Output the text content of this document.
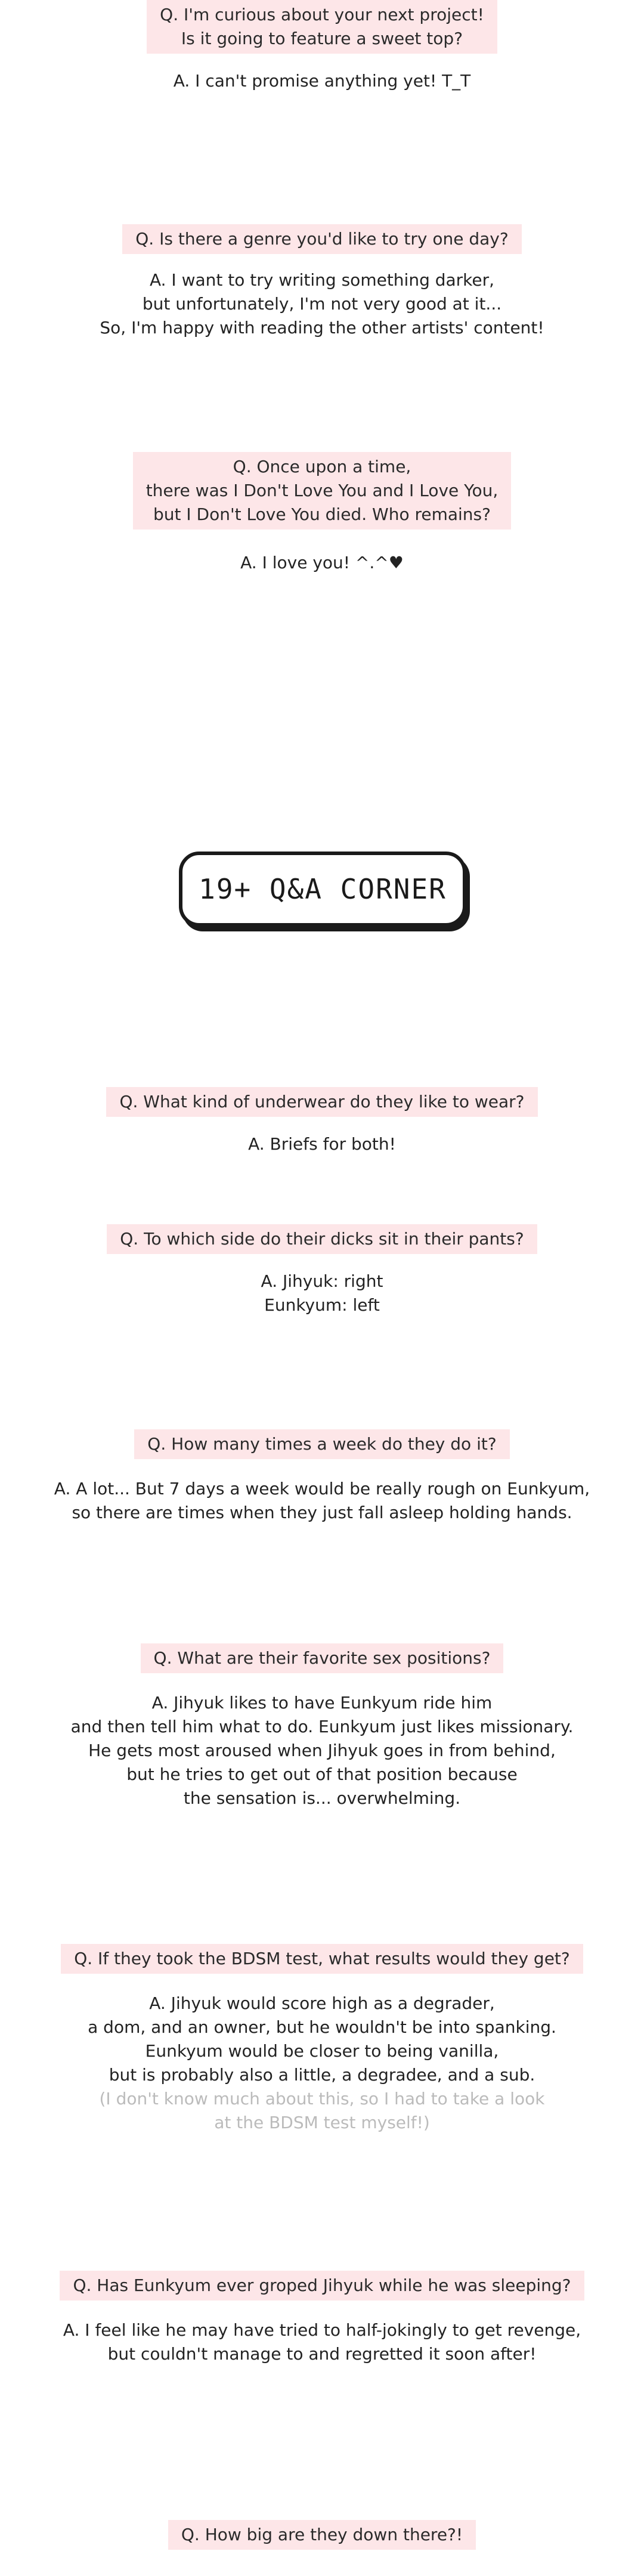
Q. I'm curious about your next project!
Is it going to feature a sweet top?
A. I can't promise anything yet! T_T
Q. Is there a genre you'd like to try one day?
A. I want to try writing something darker,
but unfortunately, I'm not very good at it...
So, I'm happy with reading the other artists' content!
Q. Once upon a time,
there was I Don't Love You and I Love You,
but I Don't Love You died. Who remains?
A. I love you! ^.^♥
19+ Q&A CORNER
Q. What kind of underwear do they like to wear?
A. Briefs for both!
Q. To which side do their dicks sit in their pants?
A. Jihyuk: right
Eunkyum: left
Q. How many times a week do they do it?
A. A lot... But 7 days a week would be really rough on Eunkyum,
so there are times when they just fall asleep holding hands.
Q. What are their favorite sex positions?
A. Jihyuk likes to have Eunkyum ride him
and then tell him what to do. Eunkyum just likes missionary.
He gets most aroused when Jihyuk goes in from behind,
but he tries to get out of that position because
the sensation is... overwhelming.
Q. If they took the BDSM test, what results would they get?
A. Jihyuk would score high as a degrader,
a dom, and an owner, but he wouldn't be into spanking.
Eunkyum would be closer to being vanilla,
but is probably also a little, a degradee, and a sub.
(I don't know much about this, so I had to take a look
at the BDSM test myself!)
Q. Has Eunkyum ever groped Jihyuk while he was sleeping?
A. I feel like he may have tried to half-jokingly to get revenge,
but couldn't manage to and regretted it soon after!
Q. How big are they down there?!
